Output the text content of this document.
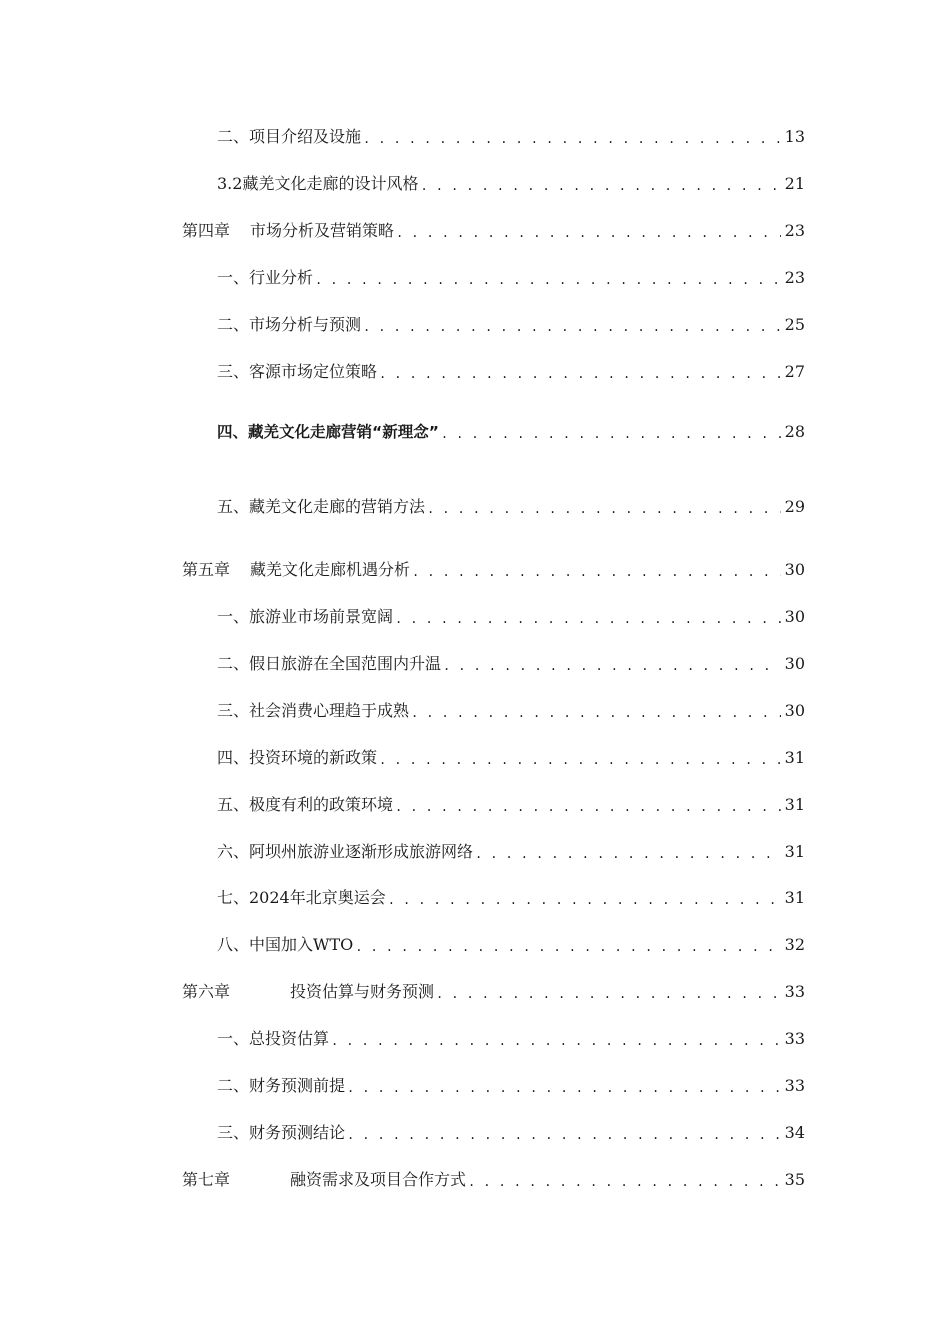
二、项目介绍及设施 . . .	13
3.2藏羌文化走廊的设计风格 . . .	21
第四章 市场分析及营销策略 . . .	23
一、行业分析 . . .	23
二、市场分析与预测 . . .	25
三、客源市场定位策略 . . .	27
四、藏羌文化走廊营销“新理念” . . .	28
五、藏羌文化走廊的营销方法 . . .	29
第五章 藏羌文化走廊机遇分析 . . .	30
一、旅游业市场前景宽阔 . . .	30
二、假日旅游在全国范围内升温 . . .	30
三、社会消费心理趋于成熟 . . .	30
四、投资环境的新政策 . . .	31
五、极度有利的政策环境 . . .	31
六、阿坝州旅游业逐渐形成旅游网络 . . .	31
七、2024年北京奥运会 . . .	31
八、中国加入WTO . . .	32
第六章	投资估算与财务预测 . . .	33
一、总投资估算 . . .	33
二、财务预测前提 . . .	33
三、财务预测结论 . . .	34
第七章	融资需求及项目合作方式 . . .	35
